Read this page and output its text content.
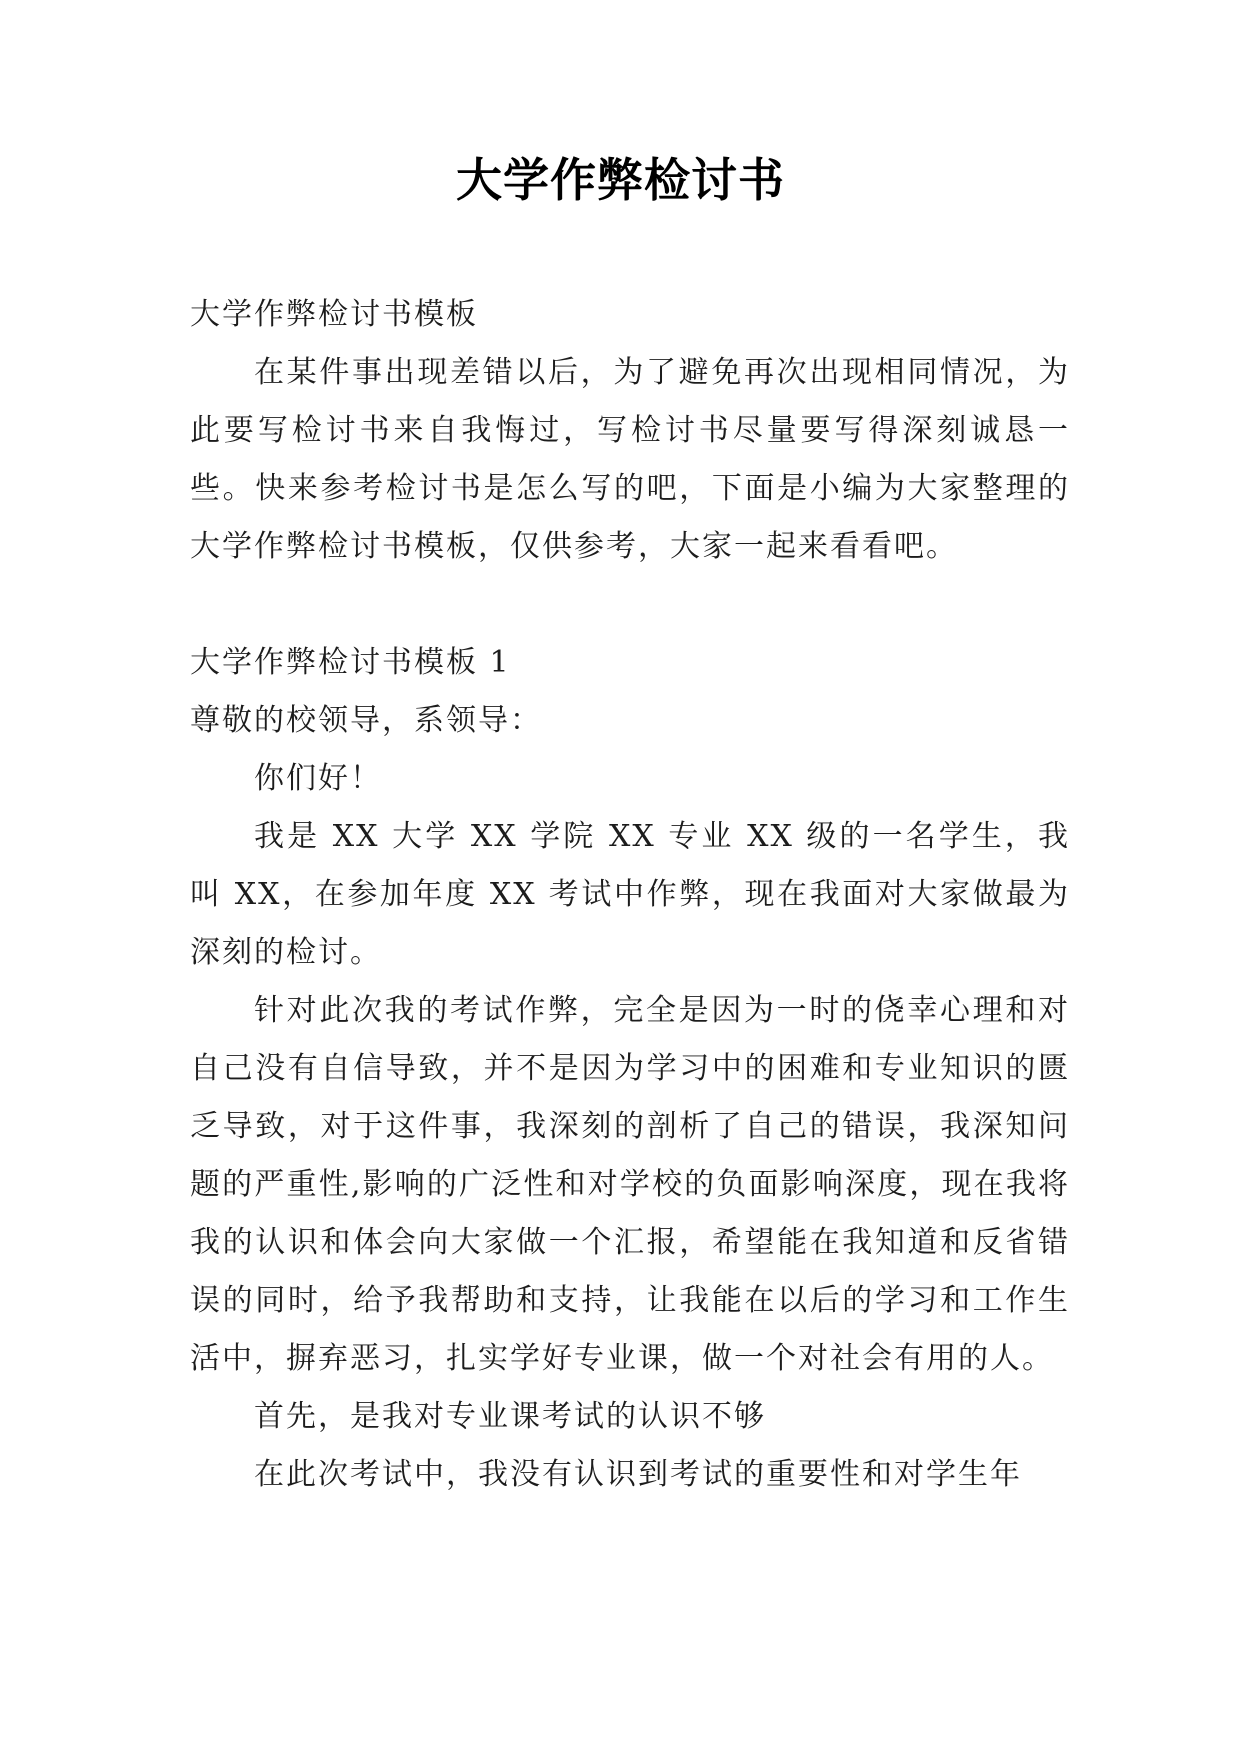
大学作弊检讨书

大学作弊检讨书模板

在某件事出现差错以后，为了避免再次出现相同情况，为此要写检讨书来自我悔过，写检讨书尽量要写得深刻诚恳一些。快来参考检讨书是怎么写的吧，下面是小编为大家整理的大学作弊检讨书模板，仅供参考，大家一起来看看吧。

大学作弊检讨书模板 1

尊敬的校领导，系领导：

你们好！

我是 XX 大学 XX 学院 XX 专业 XX 级的一名学生，我叫 XX，在参加年度 XX 考试中作弊，现在我面对大家做最为深刻的检讨。

针对此次我的考试作弊，完全是因为一时的侥幸心理和对自己没有自信导致，并不是因为学习中的困难和专业知识的匮乏导致，对于这件事，我深刻的剖析了自己的错误，我深知问题的严重性,影响的广泛性和对学校的负面影响深度，现在我将我的认识和体会向大家做一个汇报，希望能在我知道和反省错误的同时，给予我帮助和支持，让我能在以后的学习和工作生活中，摒弃恶习，扎实学好专业课，做一个对社会有用的人。

首先，是我对专业课考试的认识不够

在此次考试中，我没有认识到考试的重要性和对学生年
